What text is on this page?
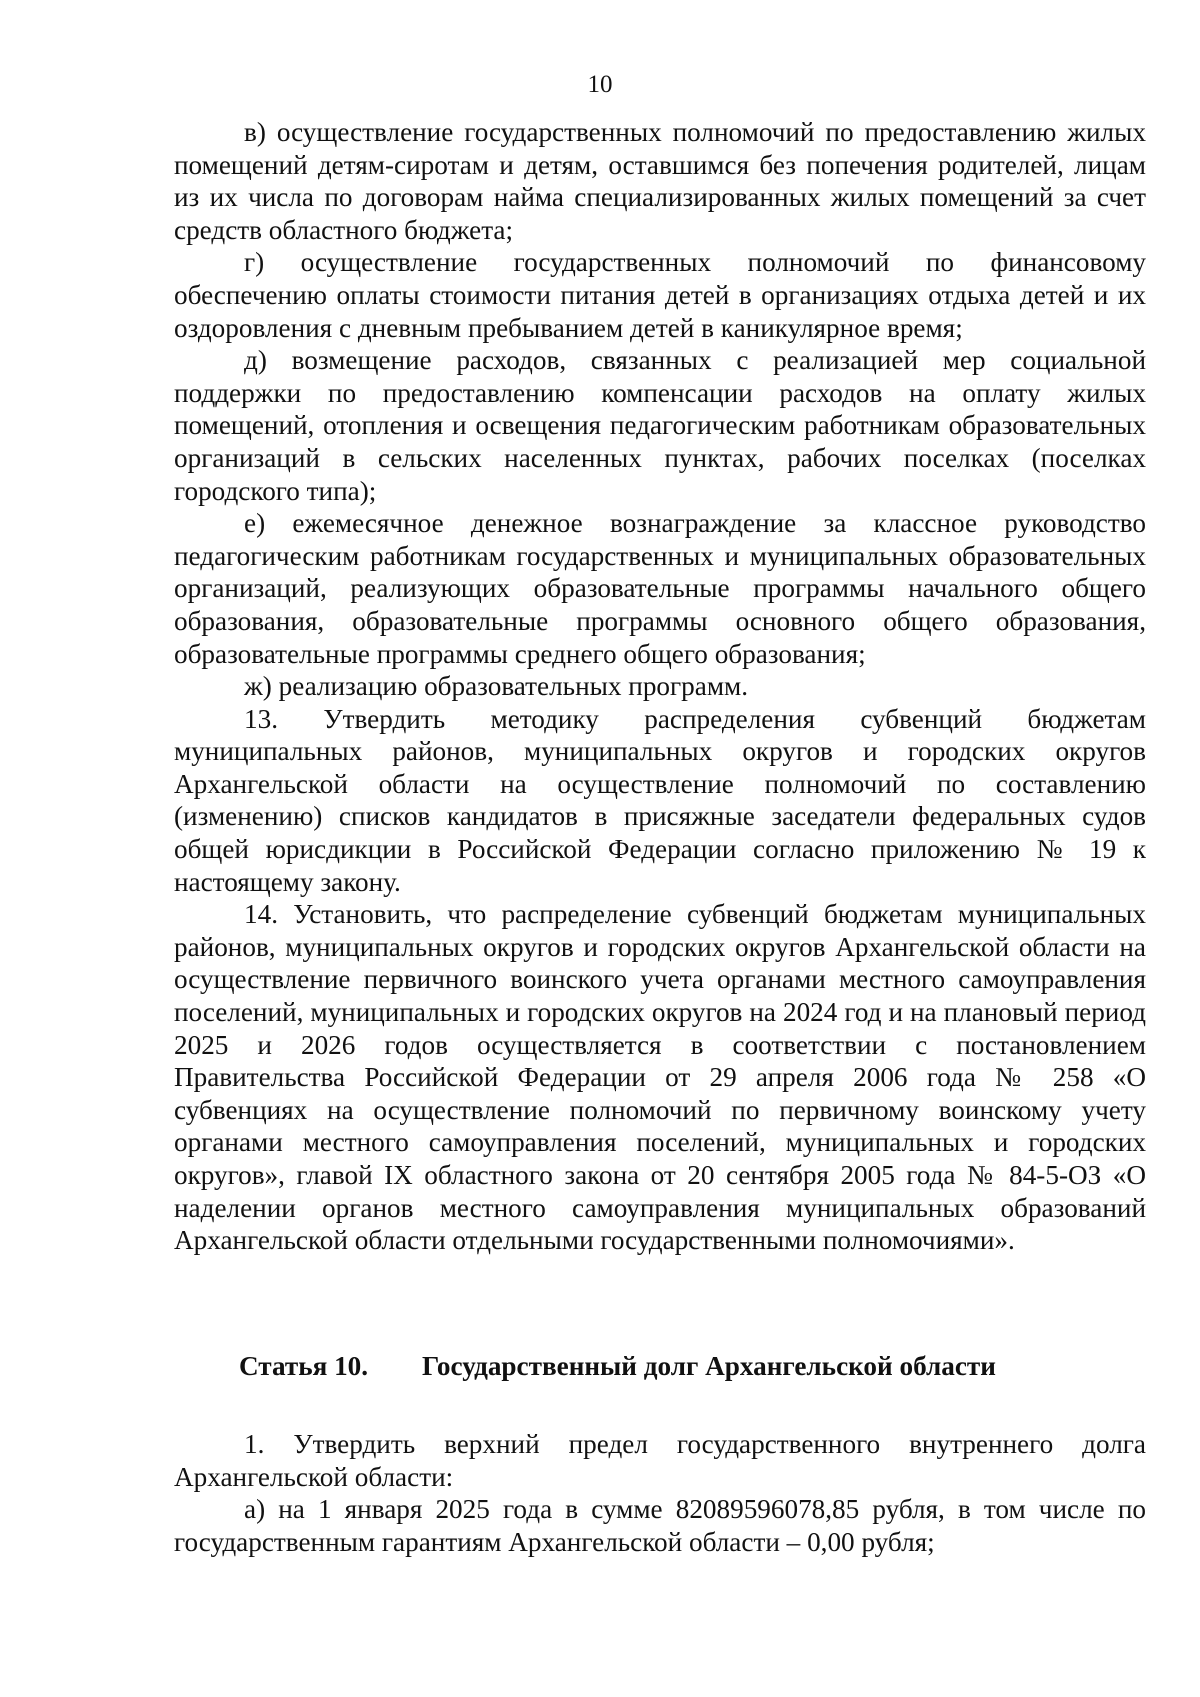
10

в) осуществление государственных полномочий по предоставлению жилых помещений детям-сиротам и детям, оставшимся без попечения родителей, лицам из их числа по договорам найма специализированных жилых помещений за счет средств областного бюджета;

г) осуществление государственных полномочий по финансовому обеспечению оплаты стоимости питания детей в организациях отдыха детей и их оздоровления с дневным пребыванием детей в каникулярное время;

д) возмещение расходов, связанных с реализацией мер социальной поддержки по предоставлению компенсации расходов на оплату жилых помещений, отопления и освещения педагогическим работникам образовательных организаций в сельских населенных пунктах, рабочих поселках (поселках городского типа);

е) ежемесячное денежное вознаграждение за классное руководство педагогическим работникам государственных и муниципальных образовательных организаций, реализующих образовательные программы начального общего образования, образовательные программы основного общего образования, образовательные программы среднего общего образования;

ж) реализацию образовательных программ.

13. Утвердить методику распределения субвенций бюджетам муниципальных районов, муниципальных округов и городских округов Архангельской области на осуществление полномочий по составлению (изменению) списков кандидатов в присяжные заседатели федеральных судов общей юрисдикции в Российской Федерации согласно приложению № 19 к настоящему закону.

14. Установить, что распределение субвенций бюджетам муниципальных районов, муниципальных округов и городских округов Архангельской области на осуществление первичного воинского учета органами местного самоуправления поселений, муниципальных и городских округов на 2024 год и на плановый период 2025 и 2026 годов осуществляется в соответствии с постановлением Правительства Российской Федерации от 29 апреля 2006 года № 258 «О субвенциях на осуществление полномочий по первичному воинскому учету органами местного самоуправления поселений, муниципальных и городских округов», главой IX областного закона от 20 сентября 2005 года № 84-5-ОЗ «О наделении органов местного самоуправления муниципальных образований Архангельской области отдельными государственными полномочиями».

Статья 10. Государственный долг Архангельской области

1. Утвердить верхний предел государственного внутреннего долга Архангельской области:

а) на 1 января 2025 года в сумме 82089596078,85 рубля, в том числе по государственным гарантиям Архангельской области – 0,00 рубля;
